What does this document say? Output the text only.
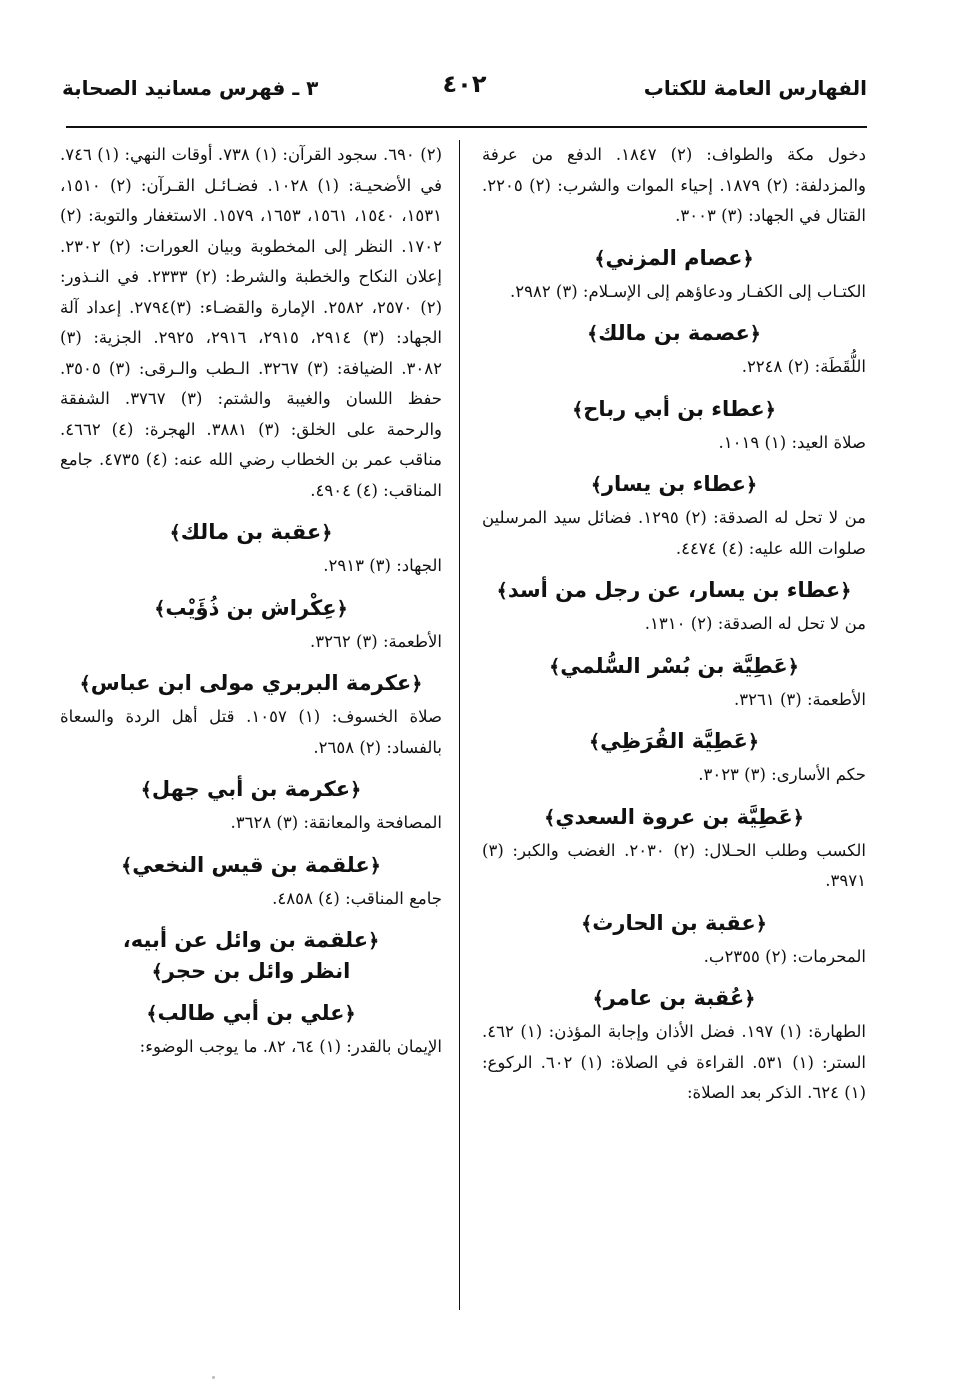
الفهارس العامة للكتاب
٤٠٢
٣ ـ فهرس مسانيد الصحابة

دخول مكة والطواف: (٢) ١٨٤٧. الدفع من عرفة والمزدلفة: (٢) ١٨٧٩. إحياء الموات والشرب: (٢) ٢٢٠٥. القتال في الجهاد: (٣) ٣٠٠٣.

﴿عصام المزني﴾

الكتـاب إلى الكفـار ودعاؤهم إلى الإسـلام: (٣) ٢٩٨٢.

﴿عصمة بن مالك﴾

اللُّقَطَة: (٢) ٢٢٤٨.

﴿عطاء بن أبي رباح﴾

صلاة العيد: (١) ١٠١٩.

﴿عطاء بن يسار﴾

من لا تحل له الصدقة: (٢) ١٢٩٥. فضائل سيد المرسلين صلوات الله عليه: (٤) ٤٤٧٤.

﴿عطاء بن يسار، عن رجل من أسد﴾

من لا تحل له الصدقة: (٢) ١٣١٠.

﴿عَطِيَّة بن بُسْر السُّلمي﴾

الأطعمة: (٣) ٣٢٦١.

﴿عَطِيَّة القُرَظِي﴾

حكم الأسارى: (٣) ٣٠٢٣.

﴿عَطِيَّة بن عروة السعدي﴾

الكسب وطلب الحـلال: (٢) ٢٠٣٠. الغضب والكبر: (٣) ٣٩٧١.

﴿عقبة بن الحارث﴾

المحرمات: (٢) ٢٣٥٥ب.

﴿عُقبة بن عامر﴾

الطهارة: (١) ١٩٧. فضل الأذان وإجابة المؤذن: (١) ٤٦٢. الستر: (١) ٥٣١. القراءة في الصلاة: (١) ٦٠٢. الركوع: (١) ٦٢٤. الذكر بعد الصلاة:

(٢) ٦٩٠. سجود القرآن: (١) ٧٣٨. أوقات النهي: (١) ٧٤٦. في الأضحيـة: (١) ١٠٢٨. فضـائـل القـرآن: (٢) ١٥١٠، ١٥٣١، ١٥٤٠، ١٥٦١، ١٦٥٣، ١٥٧٩. الاستغفار والتوبة: (٢) ١٧٠٢. النظر إلى المخطوبة وبيان العورات: (٢) ٢٣٠٢. إعلان النكاح والخطبة والشرط: (٢) ٢٣٣٣. في النـذور: (٢) ٢٥٧٠، ٢٥٨٢. الإمارة والقضـاء: (٣)٢٧٩٤. إعداد آلة الجهاد: (٣) ٢٩١٤، ٢٩١٥، ٢٩١٦، ٢٩٢٥. الجزية: (٣) ٣٠٨٢. الضيافة: (٣) ٣٢٦٧. الـطب والـرقى: (٣) ٣٥٠٥. حفظ اللسان والغيبة والشتم: (٣) ٣٧٦٧. الشفقة والرحمة على الخلق: (٣) ٣٨٨١. الهجرة: (٤) ٤٦٦٢. مناقب عمر بن الخطاب رضي الله عنه: (٤) ٤٧٣٥. جامع المناقب: (٤) ٤٩٠٤.

﴿عقبة بن مالك﴾

الجهاد: (٣) ٢٩١٣.

﴿عِكْراش بن ذُؤَيْب﴾

الأطعمة: (٣) ٣٢٦٢.

﴿عكرمة البربري مولى ابن عباس﴾

صلاة الخسوف: (١) ١٠٥٧. قتل أهل الردة والسعاة بالفساد: (٢) ٢٦٥٨.

﴿عكرمة بن أبي جهل﴾

المصافحة والمعانقة: (٣) ٣٦٢٨.

﴿علقمة بن قيس النخعي﴾

جامع المناقب: (٤) ٤٨٥٨.

﴿علقمة بن وائل عن أبيه،
انظر وائل بن حجر﴾
﴿علي بن أبي طالب﴾

الإيمان بالقدر: (١) ٦٤، ٨٢. ما يوجب الوضوء:
